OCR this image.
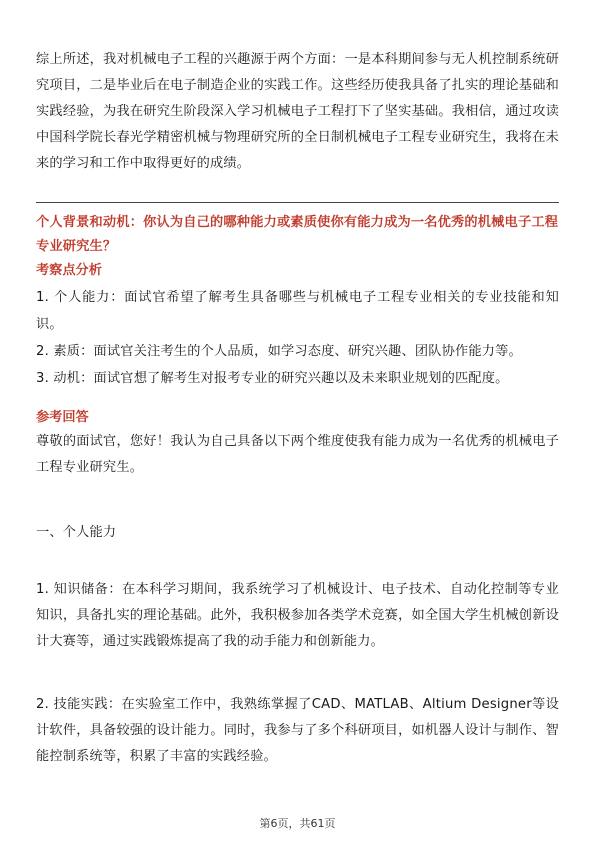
综上所述，我对机械电子工程的兴趣源于两个方面：一是本科期间参与无人机控制系统研究项目，二是毕业后在电子制造企业的实践工作。这些经历使我具备了扎实的理论基础和实践经验，为我在研究生阶段深入学习机械电子工程打下了坚实基础。我相信，通过攻读中国科学院长春光学精密机械与物理研究所的全日制机械电子工程专业研究生，我将在未来的学习和工作中取得更好的成绩。

个人背景和动机：你认为自己的哪种能力或素质使你有能力成为一名优秀的机械电子工程专业研究生？

考察点分析

1. 个人能力：面试官希望了解考生具备哪些与机械电子工程专业相关的专业技能和知识。

2. 素质：面试官关注考生的个人品质，如学习态度、研究兴趣、团队协作能力等。

3. 动机：面试官想了解考生对报考专业的研究兴趣以及未来职业规划的匹配度。

参考回答

尊敬的面试官，您好！我认为自己具备以下两个维度使我有能力成为一名优秀的机械电子工程专业研究生。

一、个人能力

1. 知识储备：在本科学习期间，我系统学习了机械设计、电子技术、自动化控制等专业知识，具备扎实的理论基础。此外，我积极参加各类学术竞赛，如全国大学生机械创新设计大赛等，通过实践锻炼提高了我的动手能力和创新能力。

2. 技能实践：在实验室工作中，我熟练掌握了CAD、MATLAB、Altium Designer等设计软件，具备较强的设计能力。同时，我参与了多个科研项目，如机器人设计与制作、智能控制系统等，积累了丰富的实践经验。

第6页，共61页
